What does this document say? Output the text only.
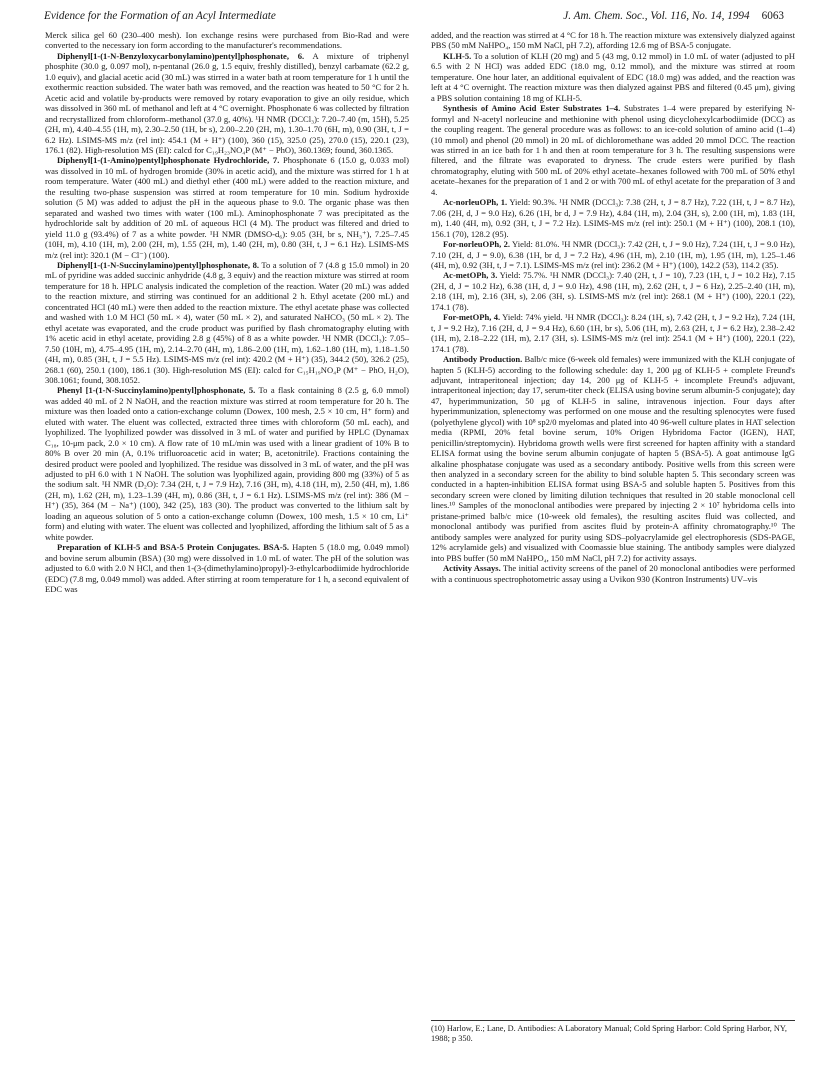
Evidence for the Formation of an Acyl Intermediate	J. Am. Chem. Soc., Vol. 116, No. 14, 1994 6063

Merck silica gel 60 (230–400 mesh). Ion exchange resins were purchased from Bio-Rad and were converted to the necessary ion form according to the manufacturer's recommendations.

Diphenyl[1-(1-N-Benzyloxycarbonylamino)pentyl]phosphonate, 6. A mixture of triphenyl phosphite (30.0 g, 0.097 mol), n-pentanal (26.0 g, 1.5 equiv, freshly distilled), benzyl carbamate (62.2 g, 1.0 equiv), and glacial acetic acid (30 mL) was stirred in a water bath at room temperature for 1 h until the exothermic reaction subsided. The water bath was removed, and the reaction was heated to 50 °C for 2 h. Acetic acid and volatile by-products were removed by rotary evaporation to give an oily residue, which was dissolved in 360 mL of methanol and left at 4 °C overnight. Phosphonate 6 was collected by filtration and recrystallized from chloroform–methanol (37.0 g, 40%). ¹H NMR (DCCl₃): 7.20–7.40 (m, 15H), 5.25 (2H, m), 4.40–4.55 (1H, m), 2.30–2.50 (1H, br s), 2.00–2.20 (2H, m), 1.30–1.70 (6H, m), 0.90 (3H, t, J = 6.2 Hz). LSIMS-MS m/z (rel int): 454.1 (M + H⁺) (100), 360 (15), 325.0 (25), 270.0 (15), 220.1 (23), 176.1 (82). High-resolution MS (EI): calcd for C₁₉H₂₃NO₄P (M⁺ − PhO), 360.1369; found, 360.1365.

Diphenyl[1-(1-Amino)pentyl]phosphonate Hydrochloride, 7. Phosphonate 6 (15.0 g, 0.033 mol) was dissolved in 10 mL of hydrogen bromide (30% in acetic acid), and the mixture was stirred for 1 h at room temperature. Water (400 mL) and diethyl ether (400 mL) were added to the reaction mixture, and the resulting two-phase suspension was stirred at room temperature for 10 min. Sodium hydroxide solution (5 M) was added to adjust the pH in the aqueous phase to 9.0. The organic phase was then separated and washed two times with water (100 mL). Aminophosphonate 7 was precipitated as the hydrochloride salt by addition of 20 mL of aqueous HCl (4 M). The product was filtered and dried to yield 11.0 g (93.4%) of 7 as a white powder. ¹H NMR (DMSO-d₆): 9.05 (3H, br s, NH₃⁺), 7.25–7.45 (10H, m), 4.10 (1H, m), 2.00 (2H, m), 1.55 (2H, m), 1.40 (2H, m), 0.80 (3H, t, J = 6.1 Hz). LSIMS-MS m/z (rel int): 320.1 (M − Cl⁻) (100).

Diphenyl[1-(1-N-Succinylamino)pentyl]phosphonate, 8. To a solution of 7 (4.8 g 15.0 mmol) in 20 mL of pyridine was added succinic anhydride (4.8 g, 3 equiv) and the reaction mixture was stirred at room temperature for 18 h. HPLC analysis indicated the completion of the reaction. Water (20 mL) was added to the reaction mixture, and stirring was continued for an additional 2 h. Ethyl acetate (200 mL) and concentrated HCl (40 mL) were then added to the reaction mixture. The ethyl acetate phase was collected and washed with 1.0 M HCl (50 mL × 4), water (50 mL × 2), and saturated NaHCO₃ (50 mL × 2). The ethyl acetate was evaporated, and the crude product was purified by flash chromatography eluting with 1% acetic acid in ethyl acetate, providing 2.8 g (45%) of 8 as a white powder. ¹H NMR (DCCl₃): 7.05–7.50 (10H, m), 4.75–4.95 (1H, m), 2.14–2.70 (4H, m), 1.86–2.00 (1H, m), 1.62–1.80 (1H, m), 1.18–1.50 (4H, m), 0.85 (3H, t, J = 5.5 Hz). LSIMS-MS m/z (rel int): 420.2 (M + H⁺) (35), 344.2 (50), 326.2 (25), 268.1 (60), 250.1 (100), 186.1 (30). High-resolution MS (EI): calcd for C₁₅H₁₉NO₄P (M⁺ − PhO, H₂O), 308.1061; found, 308.1052.

Phenyl [1-(1-N-Succinylamino)pentyl]phosphonate, 5. To a flask containing 8 (2.5 g, 6.0 mmol) was added 40 mL of 2 N NaOH, and the reaction mixture was stirred at room temperature for 20 h. The mixture was then loaded onto a cation-exchange column (Dowex, 100 mesh, 2.5 × 10 cm, H⁺ form) and eluted with water. The eluent was collected, extracted three times with chloroform (50 mL each), and lyophilized. The lyophilized powder was dissolved in 3 mL of water and purified by HPLC (Dynamax C₁₈, 10-μm pack, 2.0 × 10 cm). A flow rate of 10 mL/min was used with a linear gradient of 10% B to 80% B over 20 min (A, 0.1% trifluoroacetic acid in water; B, acetonitrile). Fractions containing the desired product were pooled and lyophilized. The residue was dissolved in 3 mL of water, and the pH was adjusted to pH 6.0 with 1 N NaOH. The solution was lyophilized again, providing 800 mg (33%) of 5 as the sodium salt. ¹H NMR (D₂O): 7.34 (2H, t, J = 7.9 Hz), 7.16 (3H, m), 4.18 (1H, m), 2.50 (4H, m), 1.86 (2H, m), 1.62 (2H, m), 1.23–1.39 (4H, m), 0.86 (3H, t, J = 6.1 Hz). LSIMS-MS m/z (rel int): 386 (M − H⁺) (35), 364 (M − Na⁺) (100), 342 (25), 183 (30). The product was converted to the lithium salt by loading an aqueous solution of 5 onto a cation-exchange column (Dowex, 100 mesh, 1.5 × 10 cm, Li⁺ form) and eluting with water. The eluent was collected and lyophilized, affording the lithium salt of 5 as a white powder.

Preparation of KLH-5 and BSA-5 Protein Conjugates. BSA-5. Hapten 5 (18.0 mg, 0.049 mmol) and bovine serum albumin (BSA) (30 mg) were dissolved in 1.0 mL of water. The pH of the solution was adjusted to 6.0 with 2.0 N HCl, and then 1-(3-(dimethylamino)propyl)-3-ethylcarbodiimide hydrochloride (EDC) (7.8 mg, 0.049 mmol) was added. After stirring at room temperature for 1 h, a second equivalent of EDC was

added, and the reaction was stirred at 4 °C for 18 h. The reaction mixture was extensively dialyzed against PBS (50 mM NaHPO₄, 150 mM NaCl, pH 7.2), affording 12.6 mg of BSA-5 conjugate.

KLH-5. To a solution of KLH (20 mg) and 5 (43 mg, 0.12 mmol) in 1.0 mL of water (adjusted to pH 6.5 with 2 N HCl) was added EDC (18.0 mg, 0.12 mmol), and the mixture was stirred at room temperature. One hour later, an additional equivalent of EDC (18.0 mg) was added, and the reaction was left at 4 °C overnight. The reaction mixture was then dialyzed against PBS and filtered (0.45 μm), giving a PBS solution containing 18 mg of KLH-5.

Synthesis of Amino Acid Ester Substrates 1–4. Substrates 1–4 were prepared by esterifying N-formyl and N-acetyl norleucine and methionine with phenol using dicyclohexylcarbodiimide (DCC) as the coupling reagent. The general procedure was as follows: to an ice-cold solution of amino acid (1–4) (10 mmol) and phenol (20 mmol) in 20 mL of dichloromethane was added 20 mmol DCC. The reaction was stirred in an ice bath for 1 h and then at room temperature for 3 h. The resulting suspensions were filtered, and the filtrate was evaporated to dryness. The crude esters were purified by flash chromatography, eluting with 500 mL of 20% ethyl acetate–hexanes followed with 700 mL of 50% ethyl acetate–hexanes for the preparation of 1 and 2 or with 700 mL of ethyl acetate for the preparation of 3 and 4.

Ac-norleuOPh, 1. Yield: 90.3%. ¹H NMR (DCCl₃): 7.38 (2H, t, J = 8.7 Hz), 7.22 (1H, t, J = 8.7 Hz), 7.06 (2H, d, J = 9.0 Hz), 6.26 (1H, br d, J = 7.9 Hz), 4.84 (1H, m), 2.04 (3H, s), 2.00 (1H, m), 1.83 (1H, m), 1.40 (4H, m), 0.92 (3H, t, J = 7.2 Hz). LSIMS-MS m/z (rel int): 250.1 (M + H⁺) (100), 208.1 (10), 156.1 (70), 128.2 (95).

For-norleuOPh, 2. Yield: 81.0%. ¹H NMR (DCCl₃): 7.42 (2H, t, J = 9.0 Hz), 7.24 (1H, t, J = 9.0 Hz), 7.10 (2H, d, J = 9.0), 6.38 (1H, br d, J = 7.2 Hz), 4.96 (1H, m), 2.10 (1H, m), 1.95 (1H, m), 1.25–1.46 (4H, m), 0.92 (3H, t, J = 7.1). LSIMS-MS m/z (rel int): 236.2 (M + H⁺) (100), 142.2 (53), 114.2 (35).

Ac-metOPh, 3. Yield: 75.7%. ¹H NMR (DCCl₃): 7.40 (2H, t, J = 10), 7.23 (1H, t, J = 10.2 Hz), 7.15 (2H, d, J = 10.2 Hz), 6.38 (1H, d, J = 9.0 Hz), 4.98 (1H, m), 2.62 (2H, t, J = 6 Hz), 2.25–2.40 (1H, m), 2.18 (1H, m), 2.16 (3H, s), 2.06 (3H, s). LSIMS-MS m/z (rel int): 268.1 (M + H⁺) (100), 220.1 (22), 174.1 (78).

For-metOPh, 4. Yield: 74% yield. ¹H NMR (DCCl₃): 8.24 (1H, s), 7.42 (2H, t, J = 9.2 Hz), 7.24 (1H, t, J = 9.2 Hz), 7.16 (2H, d, J = 9.4 Hz), 6.60 (1H, br s), 5.06 (1H, m), 2.63 (2H, t, J = 6.2 Hz), 2.38–2.42 (1H, m), 2.18–2.22 (1H, m), 2.17 (3H, s). LSIMS-MS m/z (rel int): 254.1 (M + H⁺) (100), 220.1 (22), 174.1 (78).

Antibody Production. Balb/c mice (6-week old females) were immunized with the KLH conjugate of hapten 5 (KLH-5) according to the following schedule: day 1, 200 μg of KLH-5 + complete Freund's adjuvant, intraperitoneal injection; day 14, 200 μg of KLH-5 + incomplete Freund's adjuvant, intraperitoneal injection; day 17, serum-titer check (ELISA using bovine serum albumin-5 conjugate); day 47, hyperimmunization, 50 μg of KLH-5 in saline, intravenous injection. Four days after hyperimmunization, splenectomy was performed on one mouse and the resulting splenocytes were fused (polyethylene glycol) with 10⁸ sp2/0 myelomas and plated into 40 96-well culture plates in HAT selection media (RPMI, 20% fetal bovine serum, 10% Origen Hybridoma Factor (IGEN), HAT, penicillin/streptomycin). Hybridoma growth wells were first screened for hapten affinity with a standard ELISA format using the bovine serum albumin conjugate of hapten 5 (BSA-5). A goat antimouse IgG alkaline phosphatase conjugate was used as a secondary antibody. Positive wells from this screen were then analyzed in a secondary screen for the ability to bind soluble hapten 5. This secondary screen was conducted in a hapten-inhibition ELISA format using BSA-5 and soluble hapten 5. Positives from this secondary screen were cloned by limiting dilution techniques that resulted in 20 stable monoclonal cell lines.¹⁰ Samples of the monoclonal antibodies were prepared by injecting 2 × 10⁷ hybridoma cells into pristane-primed balb/c mice (10-week old females), the resulting ascites fluid was collected, and monoclonal antibody was purified from ascites fluid by protein-A affinity chromatography.¹⁰ The antibody samples were analyzed for purity using SDS–polyacrylamide gel electrophoresis (SDS-PAGE, 12% acrylamide gels) and visualized with Coomassie blue staining. The antibody samples were dialyzed into PBS buffer (50 mM NaHPO₄, 150 mM NaCl, pH 7.2) for activity assays.

Activity Assays. The initial activity screens of the panel of 20 monoclonal antibodies were performed with a continuous spectrophotometric assay using a Uvikon 930 (Kontron Instruments) UV–vis

(10) Harlow, E.; Lane, D. Antibodies: A Laboratory Manual; Cold Spring Harbor: Cold Spring Harbor, NY, 1988; p 350.
